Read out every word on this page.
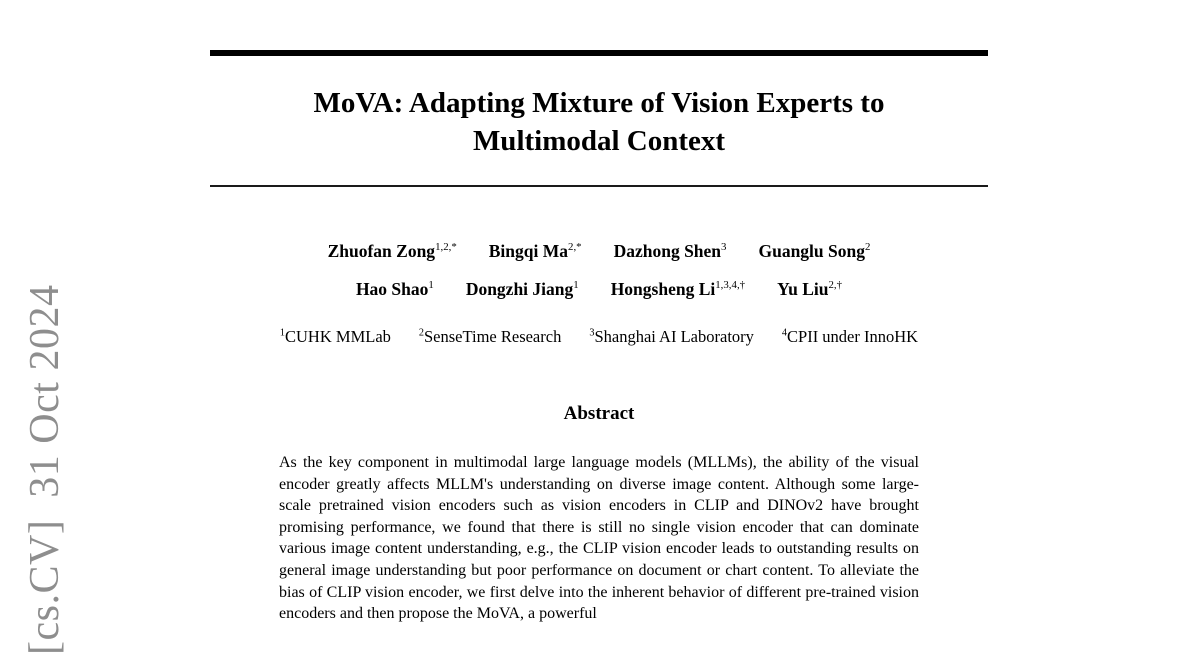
[cs.CV]  31 Oct 2024
MoVA: Adapting Mixture of Vision Experts to
Multimodal Context
Zhuofan Zong$^{1,2,*}$ Bingqi $Ma^{2,*}$ Dazhong Shen$^3$ Guanglu Song$^2$
Hao Shao$^1$ Dongzhi Jiang$^1$ Hongsheng $Li^{1,3,4,\dagger}$ Yu Liu$^{2,\dagger}$
$^1$CUHK MMLab	$^2$SenseTime Research	$^3$Shanghai AI Laboratory	$^4$CPII under InnoHK
Abstract

As the key component in multimodal large language models (MLLMs), the ability of the visual encoder greatly affects MLLM's understanding on diverse image content. Although some large-scale pretrained vision encoders such as vision encoders in CLIP and DINOv2 have brought promising performance, we found that there is still no single vision encoder that can dominate various image content understanding, e.g., the CLIP vision encoder leads to outstanding results on general image understanding but poor performance on document or chart content. To alleviate the bias of CLIP vision encoder, we first delve into the inherent behavior of different pre-trained vision encoders and then propose the MoVA, a powerful
